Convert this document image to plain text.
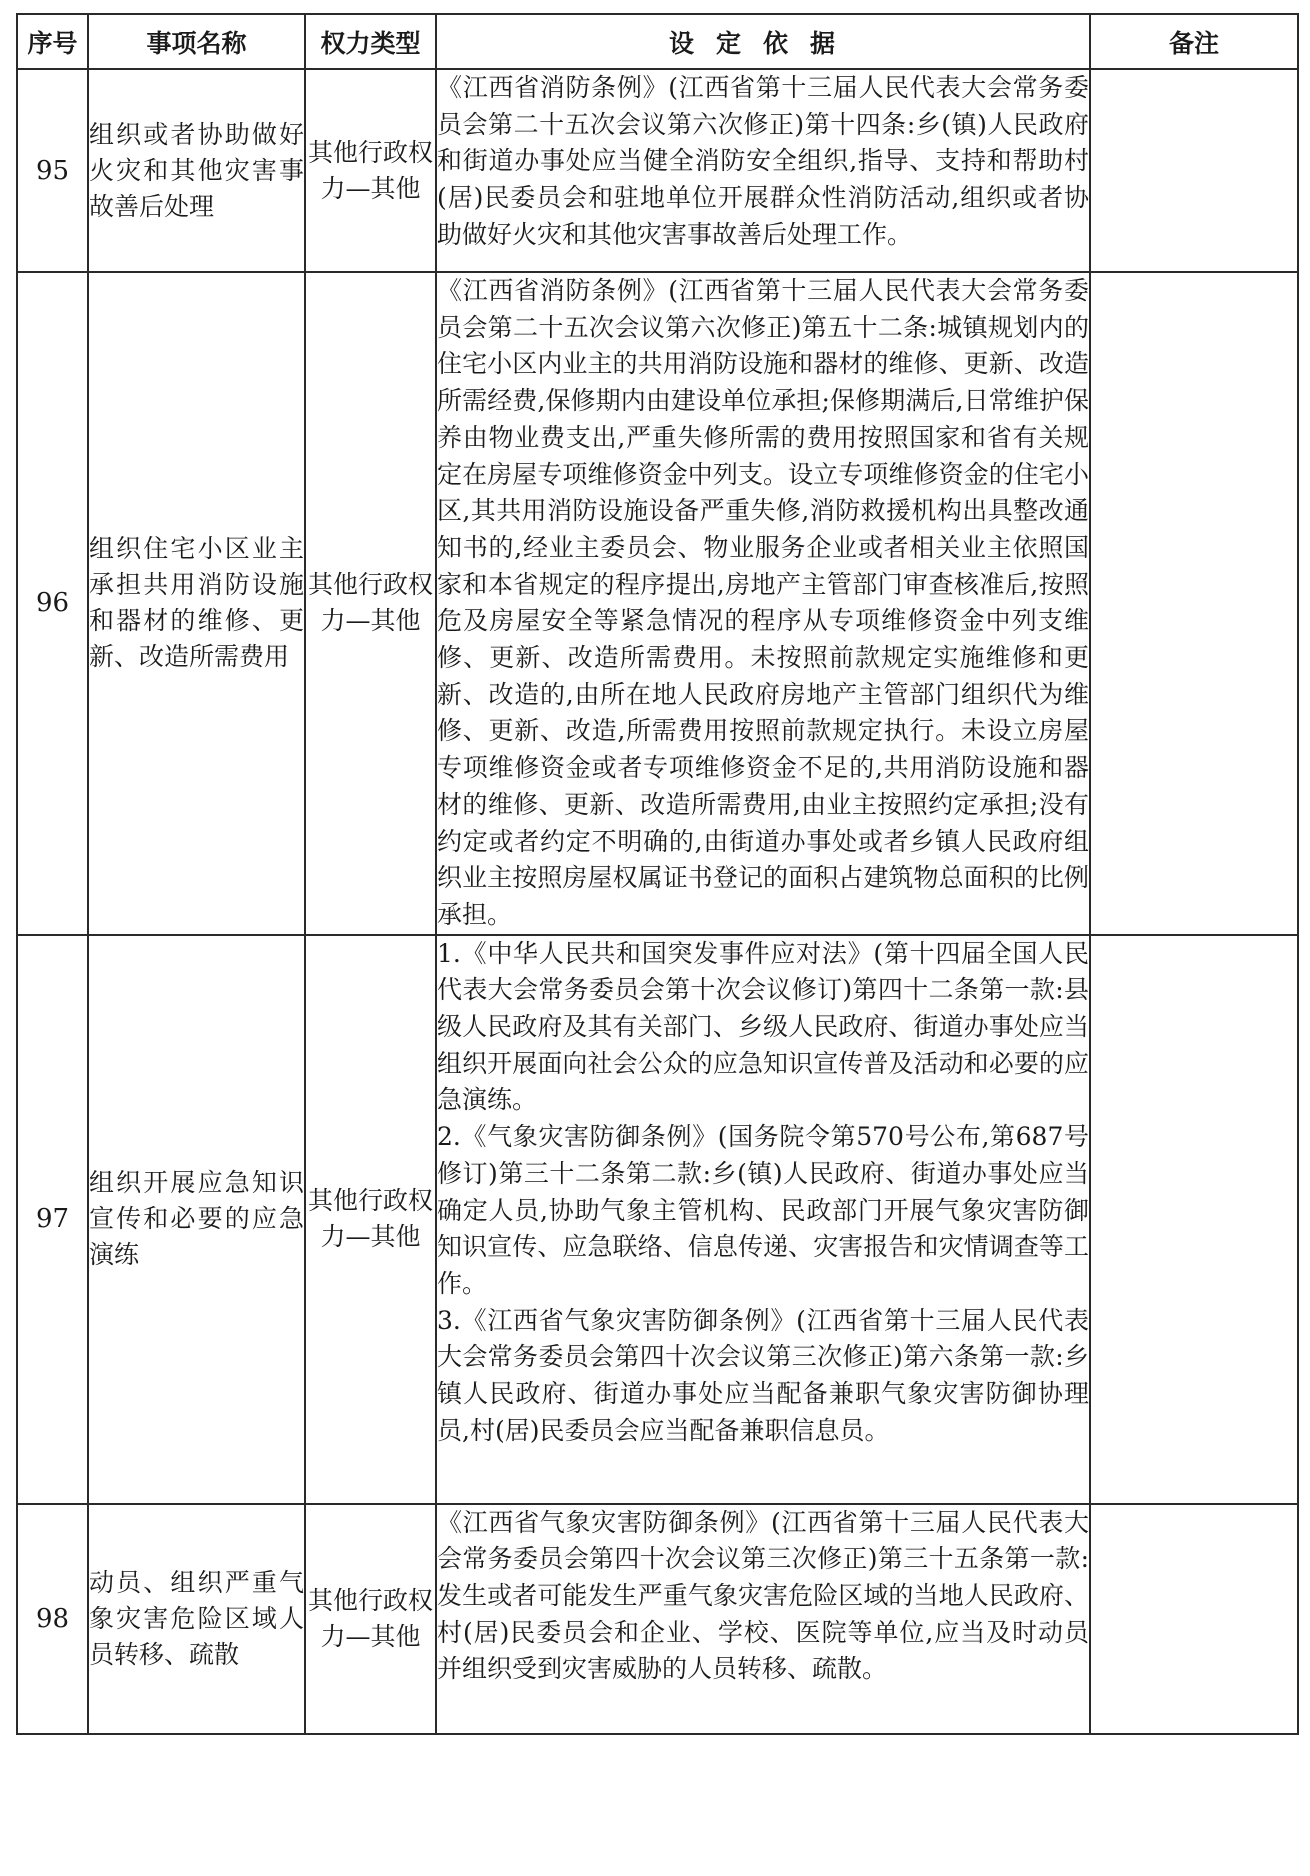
序号	事项名称	权力类型	设定依据	备注
95	组织或者协助做好火灾和其他灾害事故善后处理	其他行政权力—其他	《江西省消防条例》(江西省第十三届人民代表大会常务委员会第二十五次会议第六次修正)第十四条:乡(镇)人民政府和街道办事处应当健全消防安全组织,指导、支持和帮助村(居)民委员会和驻地单位开展群众性消防活动,组织或者协助做好火灾和其他灾害事故善后处理工作。	

96	组织住宅小区业主承担共用消防设施和器材的维修、更新、改造所需费用	其他行政权力—其他	《江西省消防条例》(江西省第十三届人民代表大会常务委员会第二十五次会议第六次修正)第五十二条:城镇规划内的住宅小区内业主的共用消防设施和器材的维修、更新、改造所需经费,保修期内由建设单位承担;保修期满后,日常维护保养由物业费支出,严重失修所需的费用按照国家和省有关规定在房屋专项维修资金中列支。设立专项维修资金的住宅小区,其共用消防设施设备严重失修,消防救援机构出具整改通知书的,经业主委员会、物业服务企业或者相关业主依照国家和本省规定的程序提出,房地产主管部门审查核准后,按照危及房屋安全等紧急情况的程序从专项维修资金中列支维修、更新、改造所需费用。未按照前款规定实施维修和更新、改造的,由所在地人民政府房地产主管部门组织代为维修、更新、改造,所需费用按照前款规定执行。未设立房屋专项维修资金或者专项维修资金不足的,共用消防设施和器材的维修、更新、改造所需费用,由业主按照约定承担;没有约定或者约定不明确的,由街道办事处或者乡镇人民政府组织业主按照房屋权属证书登记的面积占建筑物总面积的比例承担。	

97	组织开展应急知识宣传和必要的应急演练	其他行政权力—其他	1.《中华人民共和国突发事件应对法》(第十四届全国人民代表大会常务委员会第十次会议修订)第四十二条第一款:县级人民政府及其有关部门、乡级人民政府、街道办事处应当组织开展面向社会公众的应急知识宣传普及活动和必要的应急演练。

2.《气象灾害防御条例》(国务院令第570号公布,第687号修订)第三十二条第二款:乡(镇)人民政府、街道办事处应当确定人员,协助气象主管机构、民政部门开展气象灾害防御知识宣传、应急联络、信息传递、灾害报告和灾情调查等工作。

3.《江西省气象灾害防御条例》(江西省第十三届人民代表大会常务委员会第四十次会议第三次修正)第六条第一款:乡镇人民政府、街道办事处应当配备兼职气象灾害防御协理员,村(居)民委员会应当配备兼职信息员。	

98	动员、组织严重气象灾害危险区域人员转移、疏散	其他行政权力—其他	《江西省气象灾害防御条例》(江西省第十三届人民代表大会常务委员会第四十次会议第三次修正)第三十五条第一款:发生或者可能发生严重气象灾害危险区域的当地人民政府、村(居)民委员会和企业、学校、医院等单位,应当及时动员并组织受到灾害威胁的人员转移、疏散。	
